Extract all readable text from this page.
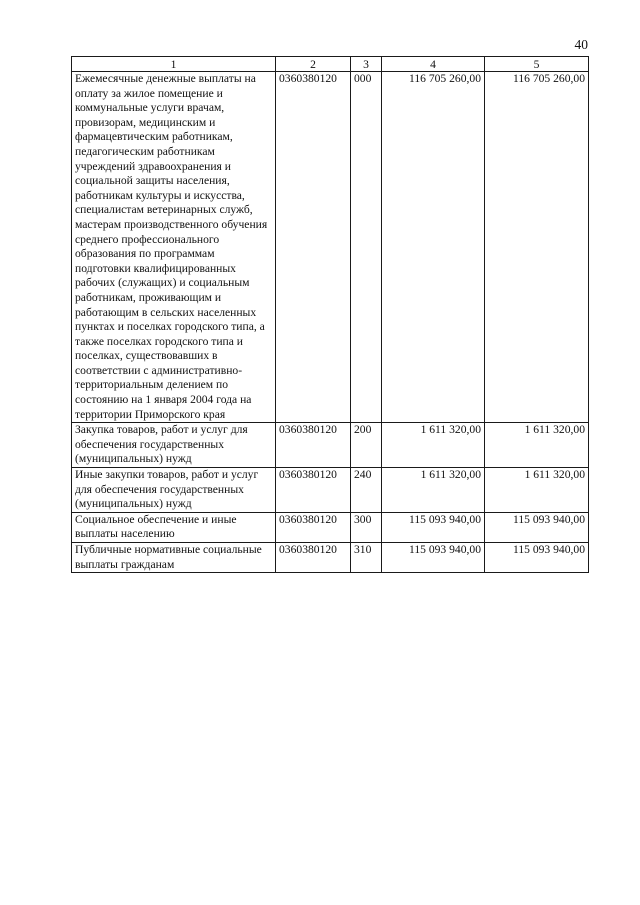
40
1	2	3	4	5
Ежемесячные денежные выплаты на оплату за жилое помещение и коммунальные услуги врачам, провизорам, медицинским и фармацевтическим работникам, педагогическим работникам учреждений здравоохранения и социальной защиты населения, работникам культуры и искусства, специалистам ветеринарных служб, мастерам производственного обучения среднего профессионального образования по программам подготовки квалифицированных рабочих (служащих) и социальным работникам, проживающим и работающим в сельских населенных пунктах и поселках городского типа, а также поселках городского типа и поселках, существовавших в соответствии с административно-территориальным делением по состоянию на 1 января 2004 года на территории Приморского края	0360380120	000	116 705 260,00	116 705 260,00
Закупка товаров, работ и услуг для обеспечения государственных (муниципальных) нужд	0360380120	200	1 611 320,00	1 611 320,00
Иные закупки товаров, работ и услуг для обеспечения государственных (муниципальных) нужд	0360380120	240	1 611 320,00	1 611 320,00
Социальное обеспечение и иные выплаты населению	0360380120	300	115 093 940,00	115 093 940,00
Публичные нормативные социальные выплаты гражданам	0360380120	310	115 093 940,00	115 093 940,00
